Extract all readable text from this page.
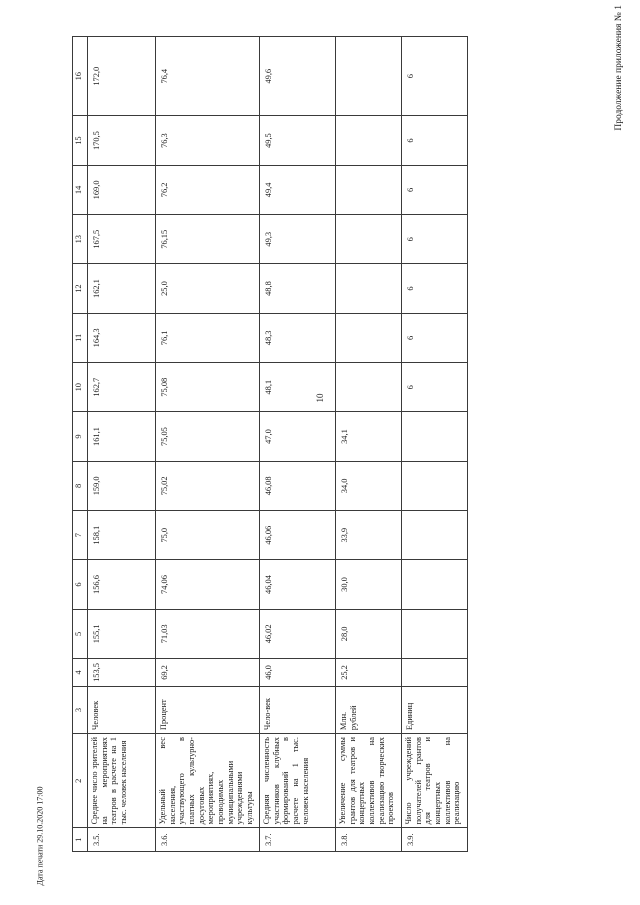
10
Продолжение приложения № 1
Дата печати 29.10.2020 17:00	1	2	3	4	5	6	7	8	9	10	11	12	13	14	15	16
3.5.	Среднее число зрителей на мероприятиях театров в расчете на 1 тыс. человек населения	Человек	153,5	155,1	156,6	158,1	159,0	161,1	162,7	164,3	162,1	167,5	169,0	170,5	172,0
3.6.	Удельный вес населения, участвующего в платных культурно-досуговых мероприятиях, проводимых муниципальными учреждениями культуры	Процент	69,2	71,03	74,06	75,0	75,02	75,05	75,08	76,1	25,0	76,15	76,2	76,3	76,4
3.7.	Средняя численность участников клубных формирований в расчете на 1 тыс. человек населения	Чело-век	46,0	46,02	46,04	46,06	46,08	47,0	48,1	48,3	48,8	49,3	49,4	49,5	49,6
3.8.	Увеличение суммы грантов для театров и концертных коллективов на реализацию творческих проектов	Млн. рублей	25,2	28,0	30,0	33,9	34,0	34,1							
3.9.	Число учреждений получателей грантов для театров и концертных коллективов на реализацию	Единиц							6	6	6	6	6	6	6
